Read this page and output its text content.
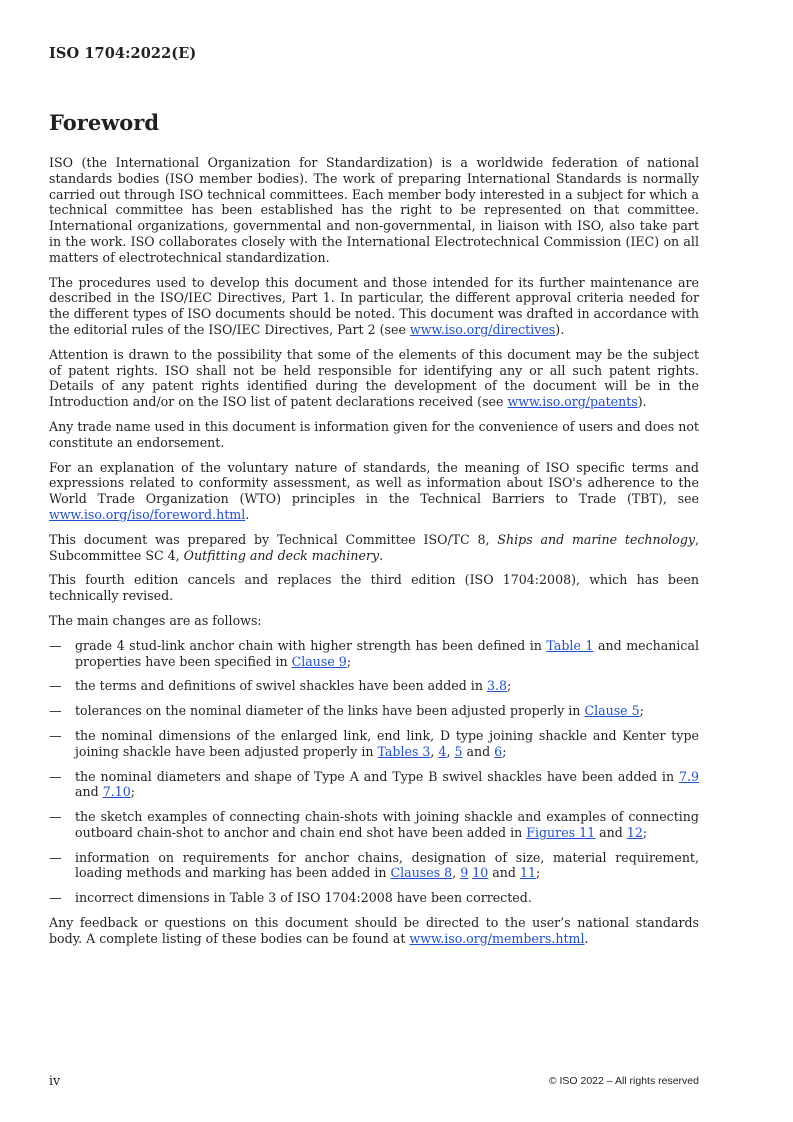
ISO 1704:2022(E)
Foreword

ISO (the International Organization for Standardization) is a worldwide federation of national standards bodies (ISO member bodies). The work of preparing International Standards is normally carried out through ISO technical committees. Each member body interested in a subject for which a technical committee has been established has the right to be represented on that committee. International organizations, governmental and non-governmental, in liaison with ISO, also take part in the work. ISO collaborates closely with the International Electrotechnical Commission (IEC) on all matters of electrotechnical standardization.

The procedures used to develop this document and those intended for its further maintenance are described in the ISO/IEC Directives, Part 1. In particular, the different approval criteria needed for the different types of ISO documents should be noted. This document was drafted in accordance with the editorial rules of the ISO/IEC Directives, Part 2 (see www.iso.org/directives).

Attention is drawn to the possibility that some of the elements of this document may be the subject of patent rights. ISO shall not be held responsible for identifying any or all such patent rights. Details of any patent rights identified during the development of the document will be in the Introduction and/or on the ISO list of patent declarations received (see www.iso.org/patents).

Any trade name used in this document is information given for the convenience of users and does not constitute an endorsement.

For an explanation of the voluntary nature of standards, the meaning of ISO specific terms and expressions related to conformity assessment, as well as information about ISO's adherence to the World Trade Organization (WTO) principles in the Technical Barriers to Trade (TBT), see www.iso.org/iso/foreword.html.

This document was prepared by Technical Committee ISO/TC 8, Ships and marine technology, Subcommittee SC 4, Outfitting and deck machinery.

This fourth edition cancels and replaces the third edition (ISO 1704:2008), which has been technically revised.

The main changes are as follows:

—	grade 4 stud-link anchor chain with higher strength has been defined in Table 1 and mechanical properties have been specified in Clause 9;
—	the terms and definitions of swivel shackles have been added in 3.8;
—	tolerances on the nominal diameter of the links have been adjusted properly in Clause 5;
—	the nominal dimensions of the enlarged link, end link, D type joining shackle and Kenter type joining shackle have been adjusted properly in Tables 3, 4, 5 and 6;
—	the nominal diameters and shape of Type A and Type B swivel shackles have been added in 7.9 and 7.10;
—	the sketch examples of connecting chain-shots with joining shackle and examples of connecting outboard chain-shot to anchor and chain end shot have been added in Figures 11 and 12;
—	information on requirements for anchor chains, designation of size, material requirement, loading methods and marking has been added in Clauses 8, 9 10 and 11;
—	incorrect dimensions in Table 3 of ISO 1704:2008 have been corrected.

Any feedback or questions on this document should be directed to the user’s national standards body. A complete listing of these bodies can be found at www.iso.org/members.html.

iv	© ISO 2022 – All rights reserved
